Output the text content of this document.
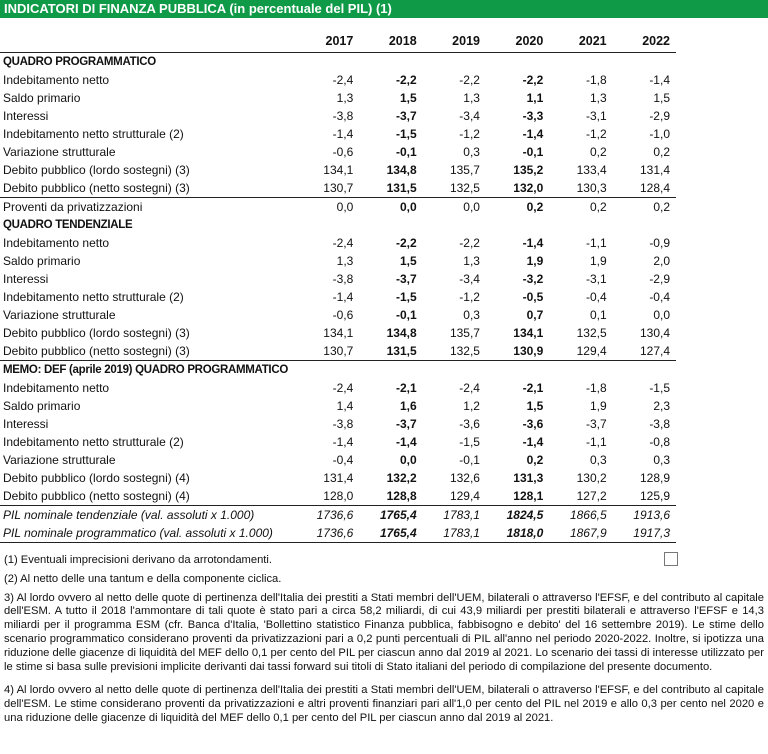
INDICATORI DI FINANZA PUBBLICA (in percentuale del PIL) (1)
	2017	2018	2019	2020	2021	2022
QUADRO PROGRAMMATICO						
Indebitamento netto	-2,4	-2,2	-2,2	-2,2	-1,8	-1,4
Saldo primario	1,3	1,5	1,3	1,1	1,3	1,5
Interessi	-3,8	-3,7	-3,4	-3,3	-3,1	-2,9
Indebitamento netto strutturale (2)	-1,4	-1,5	-1,2	-1,4	-1,2	-1,0
Variazione strutturale	-0,6	-0,1	0,3	-0,1	0,2	0,2
Debito pubblico (lordo sostegni) (3)	134,1	134,8	135,7	135,2	133,4	131,4
Debito pubblico (netto sostegni) (3)	130,7	131,5	132,5	132,0	130,3	128,4
Proventi da privatizzazioni	0,0	0,0	0,0	0,2	0,2	0,2
QUADRO TENDENZIALE						
Indebitamento netto	-2,4	-2,2	-2,2	-1,4	-1,1	-0,9
Saldo primario	1,3	1,5	1,3	1,9	1,9	2,0
Interessi	-3,8	-3,7	-3,4	-3,2	-3,1	-2,9
Indebitamento netto strutturale (2)	-1,4	-1,5	-1,2	-0,5	-0,4	-0,4
Variazione strutturale	-0,6	-0,1	0,3	0,7	0,1	0,0
Debito pubblico (lordo sostegni) (3)	134,1	134,8	135,7	134,1	132,5	130,4
Debito pubblico (netto sostegni) (3)	130,7	131,5	132,5	130,9	129,4	127,4
MEMO: DEF (aprile 2019) QUADRO PROGRAMMATICO						
Indebitamento netto	-2,4	-2,1	-2,4	-2,1	-1,8	-1,5
Saldo primario	1,4	1,6	1,2	1,5	1,9	2,3
Interessi	-3,8	-3,7	-3,6	-3,6	-3,7	-3,8
Indebitamento netto strutturale (2)	-1,4	-1,4	-1,5	-1,4	-1,1	-0,8
Variazione strutturale	-0,4	0,0	-0,1	0,2	0,3	0,3
Debito pubblico (lordo sostegni) (4)	131,4	132,2	132,6	131,3	130,2	128,9
Debito pubblico (netto sostegni) (4)	128,0	128,8	129,4	128,1	127,2	125,9
PIL nominale tendenziale (val. assoluti x 1.000)	1736,6	1765,4	1783,1	1824,5	1866,5	1913,6
PIL nominale programmatico (val. assoluti x 1.000)	1736,6	1765,4	1783,1	1818,0	1867,9	1917,3

(1) Eventuali imprecisioni derivano da arrotondamenti.

(2) Al netto delle una tantum e della componente ciclica.

3) Al lordo ovvero al netto delle quote di pertinenza dell'Italia dei prestiti a Stati membri dell'UEM, bilaterali o attraverso l'EFSF, e del contributo al capitale dell'ESM. A tutto il 2018 l'ammontare di tali quote è stato pari a circa 58,2 miliardi, di cui 43,9 miliardi per prestiti bilaterali e attraverso l'EFSF e 14,3 miliardi per il programma ESM (cfr. Banca d'Italia, 'Bollettino statistico Finanza pubblica, fabbisogno e debito' del 16 settembre 2019). Le stime dello scenario programmatico considerano proventi da privatizzazioni pari a 0,2 punti percentuali di PIL all'anno nel periodo 2020-2022. Inoltre, si ipotizza una riduzione delle giacenze di liquidità del MEF dello 0,1 per cento del PIL per ciascun anno dal 2019 al 2021. Lo scenario dei tassi di interesse utilizzato per le stime si basa sulle previsioni implicite derivanti dai tassi forward sui titoli di Stato italiani del periodo di compilazione del presente documento.

4) Al lordo ovvero al netto delle quote di pertinenza dell'Italia dei prestiti a Stati membri dell'UEM, bilaterali o attraverso l'EFSF, e del contributo al capitale dell'ESM. Le stime considerano proventi da privatizzazioni e altri proventi finanziari pari all'1,0 per cento del PIL nel 2019 e allo 0,3 per cento nel 2020 e una riduzione delle giacenze di liquidità del MEF dello 0,1 per cento del PIL per ciascun anno dal 2019 al 2021.
